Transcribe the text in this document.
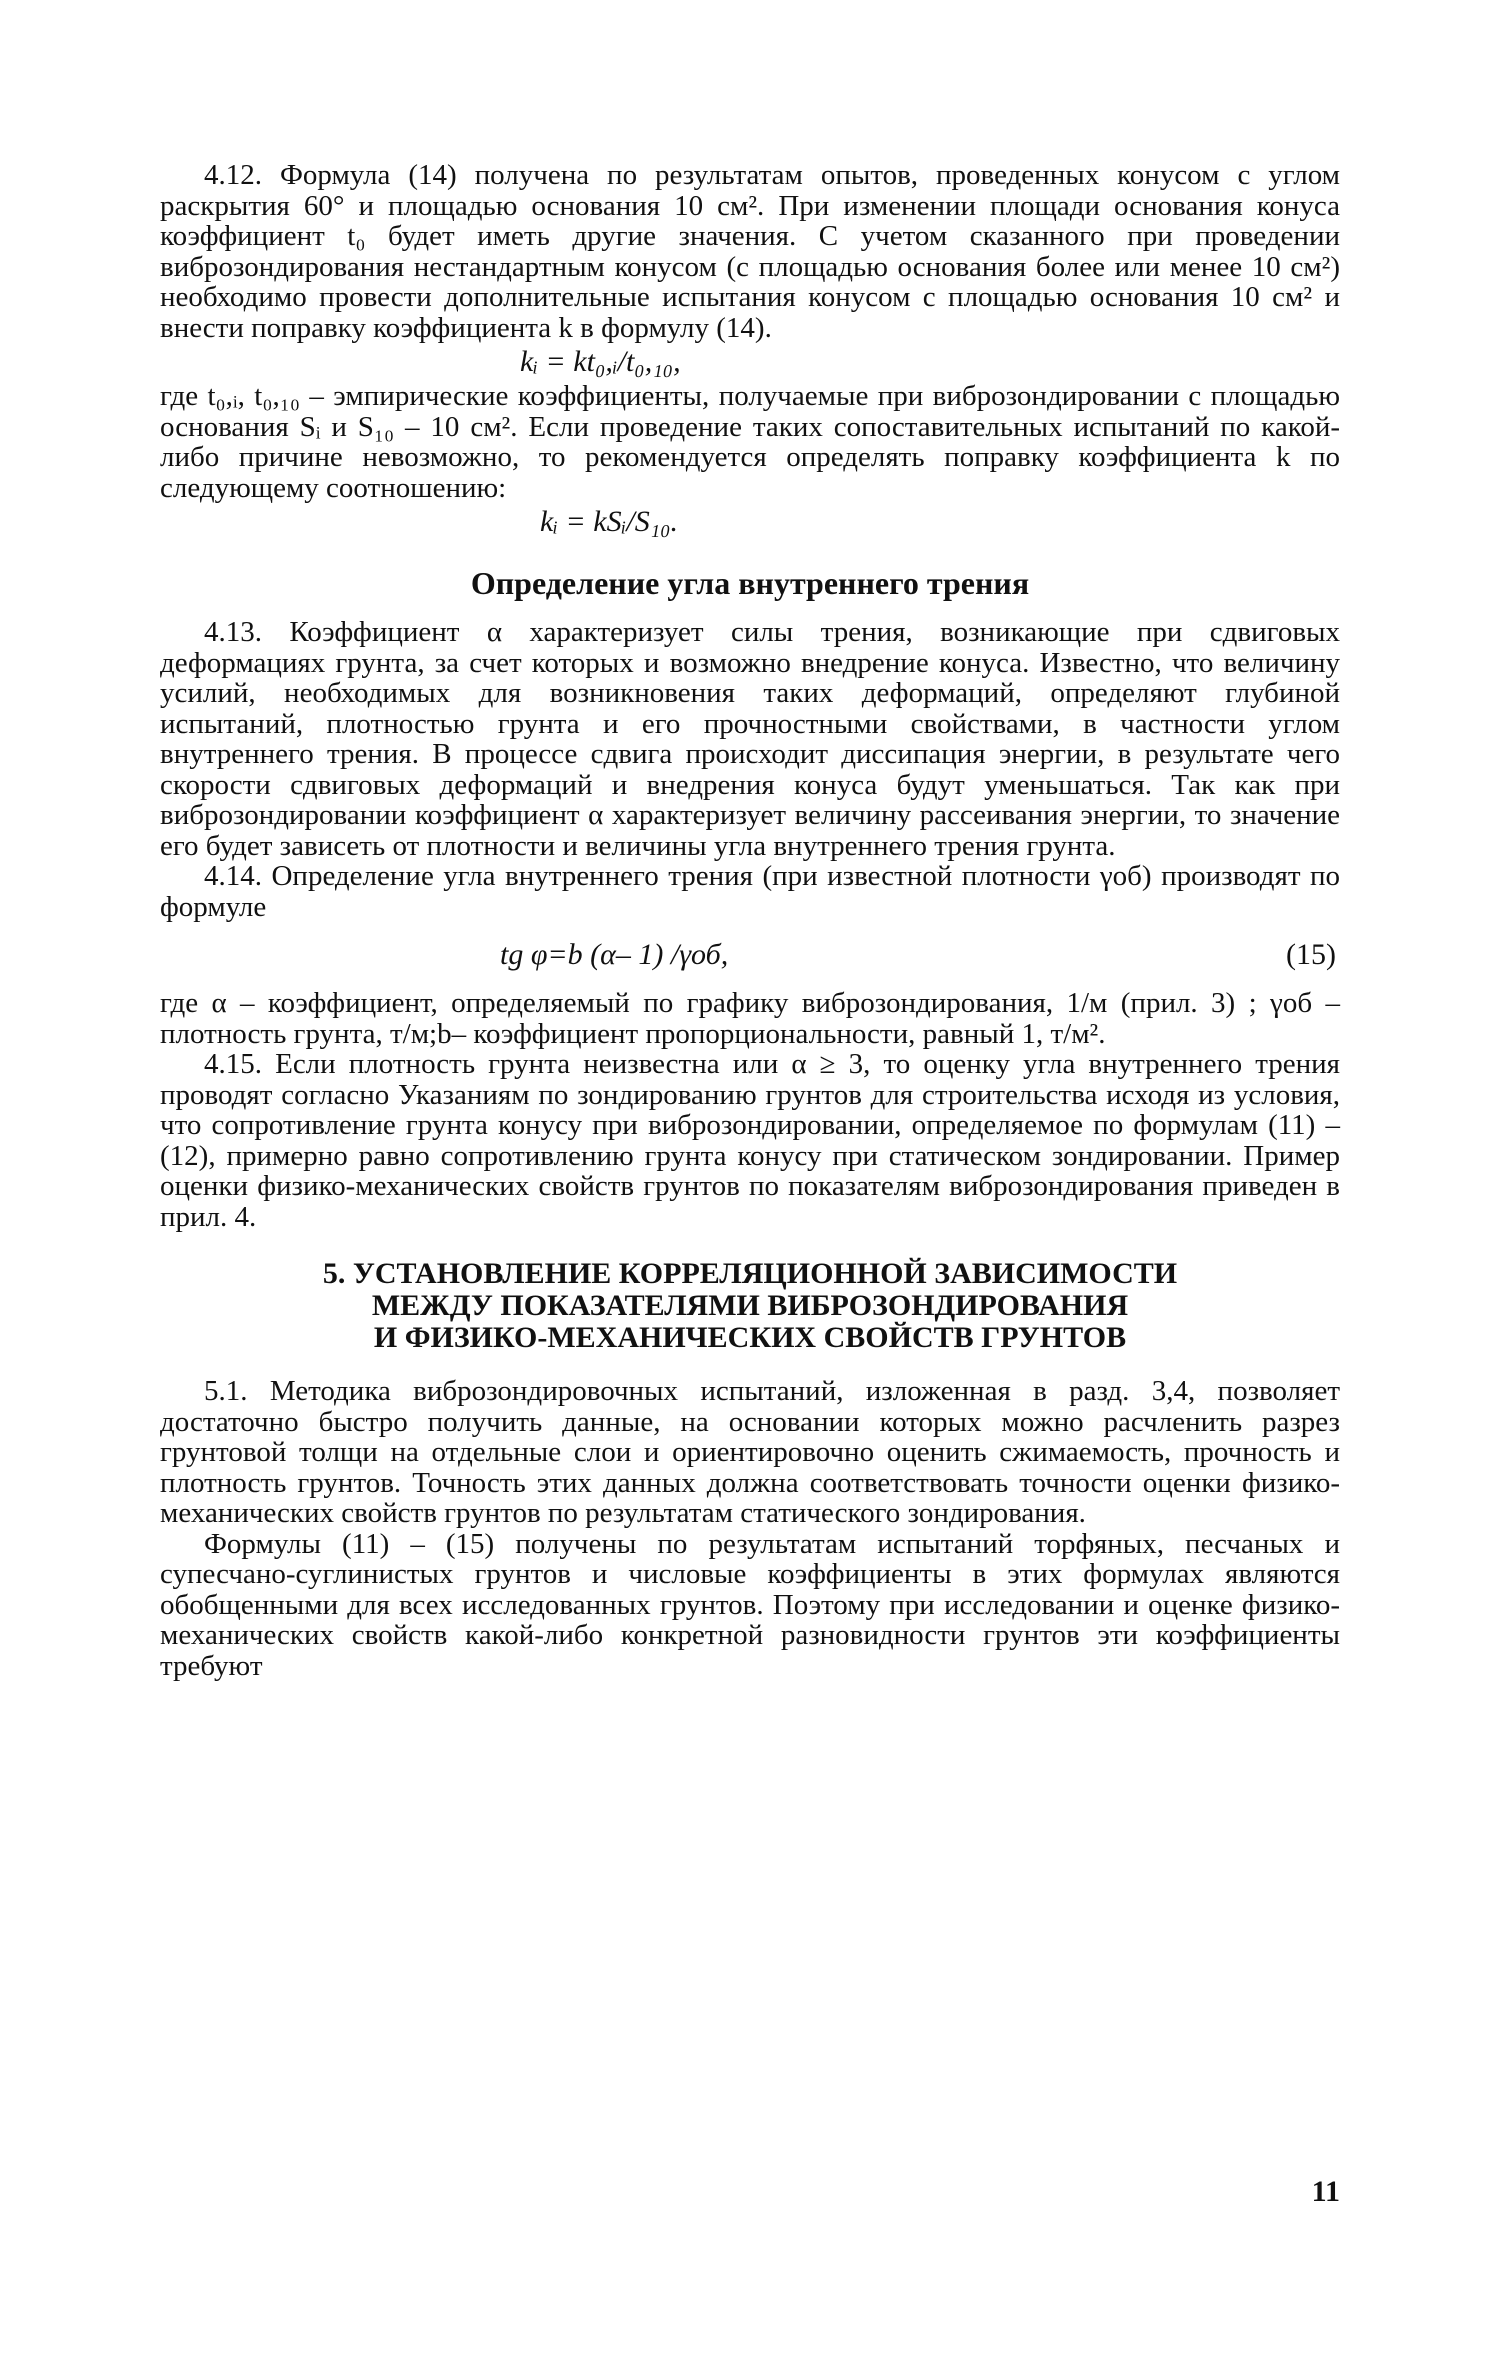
4.12. Формула (14) получена по результатам опытов, проведенных конусом с углом раскрытия 60° и площадью основания 10 см². При изменении площади основания конуса коэффициент t₀ будет иметь другие значения. С учетом сказанного при проведении виброзондирования нестандартным конусом (с площадью основания более или менее 10 см²) необходимо провести дополнительные испытания конусом с площадью основания 10 см² и внести поправку коэффициента k в формулу (14).

kᵢ = kt₀,ᵢ/t₀,₁₀,

где t₀,ᵢ, t₀,₁₀ – эмпирические коэффициенты, получаемые при виброзондировании с площадью основания Sᵢ и S₁₀ – 10 см². Если проведение таких сопоставительных испытаний по какой-либо причине невозможно, то рекомендуется определять поправку коэффициента k по следующему соотношению:

kᵢ = kSᵢ/S₁₀.
Определение угла внутреннего трения

4.13. Коэффициент α характеризует силы трения, возникающие при сдвиговых деформациях грунта, за счет которых и возможно внедрение конуса. Известно, что величину усилий, необходимых для возникновения таких деформаций, определяют глубиной испытаний, плотностью грунта и его прочностными свойствами, в частности углом внутреннего трения. В процессе сдвига происходит диссипация энергии, в результате чего скорости сдвиговых деформаций и внедрения конуса будут уменьшаться. Так как при виброзондировании коэффициент α характеризует величину рассеивания энергии, то значение его будет зависеть от плотности и величины угла внутреннего трения грунта.

4.14. Определение угла внутреннего трения (при известной плотности γоб) производят по формуле

tg φ=b (α– 1) /γоб,	(15)

где α – коэффициент, определяемый по графику виброзондирования, 1/м (прил. 3) ; γоб – плотность грунта, т/м;b– коэффициент пропорциональности, равный 1, т/м².

4.15. Если плотность грунта неизвестна или α ≥ 3, то оценку угла внутреннего трения проводят согласно Указаниям по зондированию грунтов для строительства исходя из условия, что сопротивление грунта конусу при виброзондировании, определяемое по формулам (11) – (12), примерно равно сопротивлению грунта конусу при статическом зондировании. Пример оценки физико-механических свойств грунтов по показателям виброзондирования приведен в прил. 4.

5. УСТАНОВЛЕНИЕ КОРРЕЛЯЦИОННОЙ ЗАВИСИМОСТИ
МЕЖДУ ПОКАЗАТЕЛЯМИ ВИБРОЗОНДИРОВАНИЯ
И ФИЗИКО-МЕХАНИЧЕСКИХ СВОЙСТВ ГРУНТОВ

5.1. Методика виброзондировочных испытаний, изложенная в разд. 3,4, позволяет достаточно быстро получить данные, на основании которых можно расчленить разрез грунтовой толщи на отдельные слои и ориентировочно оценить сжимаемость, прочность и плотность грунтов. Точность этих данных должна соответствовать точности оценки физико-механических свойств грунтов по результатам статического зондирования.

Формулы (11) – (15) получены по результатам испытаний торфяных, песчаных и супесчано-суглинистых грунтов и числовые коэффициенты в этих формулах являются обобщенными для всех исследованных грунтов. Поэтому при исследовании и оценке физико-механических свойств какой-либо конкретной разновидности грунтов эти коэффициенты требуют

11
